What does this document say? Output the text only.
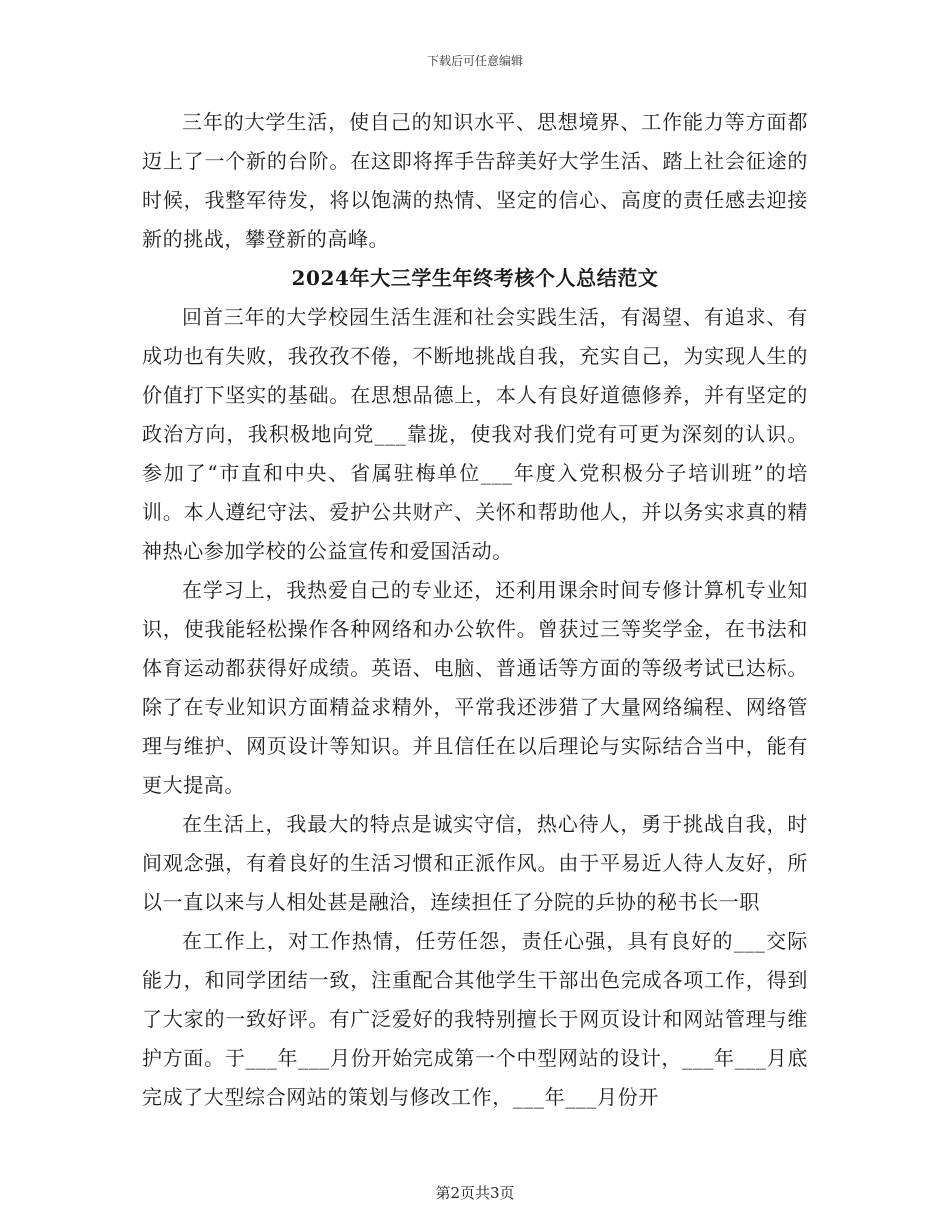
下载后可任意编辑

三年的大学生活，使自己的知识水平、思想境界、工作能力等方面都迈上了一个新的台阶。在这即将挥手告辞美好大学生活、踏上社会征途的时候，我整军待发，将以饱满的热情、坚定的信心、高度的责任感去迎接新的挑战，攀登新的高峰。

2024年大三学生年终考核个人总结范文

回首三年的大学校园生活生涯和社会实践生活，有渴望、有追求、有成功也有失败，我孜孜不倦，不断地挑战自我，充实自己，为实现人生的价值打下坚实的基础。在思想品德上，本人有良好道德修养，并有坚定的政治方向，我积极地向党___靠拢，使我对我们党有可更为深刻的认识。参加了“市直和中央、省属驻梅单位___年度入党积极分子培训班”的培训。本人遵纪守法、爱护公共财产、关怀和帮助他人，并以务实求真的精神热心参加学校的公益宣传和爱国活动。

在学习上，我热爱自己的专业还，还利用课余时间专修计算机专业知识，使我能轻松操作各种网络和办公软件。曾获过三等奖学金，在书法和体育运动都获得好成绩。英语、电脑、普通话等方面的等级考试已达标。除了在专业知识方面精益求精外，平常我还涉猎了大量网络编程、网络管理与维护、网页设计等知识。并且信任在以后理论与实际结合当中，能有更大提高。

在生活上，我最大的特点是诚实守信，热心待人，勇于挑战自我，时间观念强，有着良好的生活习惯和正派作风。由于平易近人待人友好，所以一直以来与人相处甚是融洽，连续担任了分院的乒协的秘书长一职

在工作上，对工作热情，任劳任怨，责任心强，具有良好的___交际能力，和同学团结一致，注重配合其他学生干部出色完成各项工作，得到了大家的一致好评。有广泛爱好的我特别擅长于网页设计和网站管理与维护方面。于___年___月份开始完成第一个中型网站的设计，___年___月底完成了大型综合网站的策划与修改工作，___年___月份开

第2页共3页
